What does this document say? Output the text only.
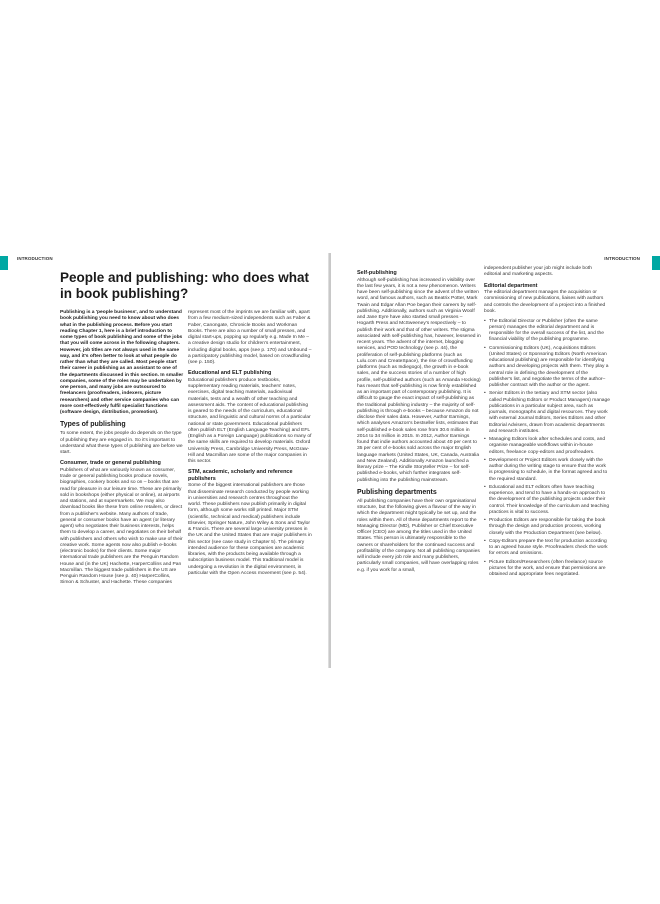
INTRODUCTION
People and publishing: who does what in book publishing?

Publishing is a 'people business', and to understand book publishing you need to know about who does what in the publishing process. Before you start reading Chapter 1, here is a brief introduction to some types of book publishing and some of the jobs that you will come across in the following chapters. However, job titles are not always used in the same way, and it's often better to look at what people do rather than what they are called. Most people start their career in publishing as an assistant to one of the departments discussed in this section. In smaller companies, some of the roles may be undertaken by one person, and many jobs are outsourced to freelancers (proofreaders, indexers, picture researchers) and other service companies who can more cost-effectively fulfil specialist functions (software design, distribution, promotion).

Types of publishing

To some extent, the jobs people do depends on the type of publishing they are engaged in. So it's important to understand what these types of publishing are before we start.

Consumer, trade or general publishing

Publishers of what are variously known as consumer, trade or general publishing books produce novels, biographies, cookery books and so on – books that are read for pleasure in our leisure time. These are primarily sold in bookshops (either physical or online), at airports and stations, and at supermarkets. We may also download books like these from online retailers, or direct from a publisher's website. Many authors of trade, general or consumer books have an agent (or literary agent) who negotiates their business interests, helps them to develop a career, and negotiates on their behalf with publishers and others who wish to make use of their creative work. Some agents now also publish e-books (electronic books) for their clients. Some major international trade publishers are the Penguin Random House and (in the UK) Hachette, HarperCollins and Pan Macmillan. The biggest trade publishers in the US are Penguin Random House (see p. 40) HarperCollins, Simon & Schuster, and Hachette. These companies

represent most of the imprints we are familiar with, apart from a few medium-sized independents such as Faber & Faber, Canongate, Chronicle Books and Workman Books. There are also a number of small presses, and digital start-ups, popping up regularly e.g. Made In Me – a creative design studio for children's entertainment, including digital books, apps (see p. 170) and Unbound – a participatory publishing model, based on crowdfunding (see p. 150).

Educational and ELT publishing

Educational publishers produce textbooks, supplementary reading materials, teachers' notes, exercises, digital teaching materials, audiovisual materials, tests and a wealth of other teaching and assessment aids. The content of educational publishing is geared to the needs of the curriculum, educational structure, and linguistic and cultural norms of a particular national or state government. Educational publishers often publish ELT (English Language Teaching) and EFL (English as a Foreign Language) publications so many of the same skills are required to develop materials. Oxford University Press, Cambridge University Press, McGraw-Hill and Macmillan are some of the major companies in this sector.

STM, academic, scholarly and reference publishers

Some of the biggest international publishers are those that disseminate research conducted by people working in universities and research centres throughout the world. These publishers now publish primarily in digital form, although some works still printed. Major STM (scientific, technical and medical) publishers include Elsevier, Springer Nature, John Wiley & Sons and Taylor & Francis. There are several large university presses in the UK and the United States that are major publishers in this sector (see case study in Chapter 5). The primary intended audience for these companies are academic libraries, with the products being available through a subscription business model. This traditional model is undergoing a revolution in the digital environment, in particular with the Open Access movement (see p. 54).

INTRODUCTION
Self-publishing

Although self-publishing has increased in visibility over the last few years, it is not a new phenomenon. Writers have been self-publishing since the advent of the written word, and famous authors, such as Beatrix Potter, Mark Twain and Edgar Allan Poe began their careers by self-publishing. Additionally, authors such as Virginia Woolf and Jane Eyre have also started small presses – Hogarth Press and McSweeney's respectively – to publish their work and that of other writers. The stigma associated with self-publishing has, however, lessened in recent years. The advent of the internet, blogging services, and POD technology (see p. 44), the proliferation of self-publishing platforms (such as Lulu.com and CreateSpace), the rise of crowdfunding platforms (such as Indiegogo), the growth in e-book sales, and the success stories of a number of high profile, self-published authors (such as Amanda Hocking) has meant that self-publishing is now firmly established as an important part of contemporary publishing. It is difficult to gauge the exact impact of self-publishing as the traditional publishing industry – the majority of self-publishing is through e-books – because Amazon do not disclose their sales data. However, Author Earnings, which analyses Amazon's bestseller lists, estimates that self-published e-book sales rose from 30.6 million in 2014 to 34 million in 2015. In 2012, Author Earnings found that indie authors accounted about 40 per cent to 35 per cent of e-books sold across the major English language markets (United States, UK, Canada, Australia and New Zealand). Additionally Amazon launched a literary prize – The Kindle Storyteller Prize – for self-published e-books, which further integrates self-publishing into the publishing mainstream.

Publishing departments

All publishing companies have their own organisational structure, but the following gives a flavour of the way in which the department might typically be set up, and the roles within them. All of these departments report to the Managing Director (MD), Publisher or Chief Executive Officer (CEO) are among the titles used in the United States. This person is ultimately responsible to the owners or shareholders for the continued success and profitability of the company. Not all publishing companies will include every job role and many publishers, particularly small companies, will have overlapping roles e.g. if you work for a small,

independent publisher your job might include both editorial and marketing aspects.

Editorial department

The editorial department manages the acquisition or commissioning of new publications, liaises with authors and controls the development of a project into a finished book.

• The Editorial Director or Publisher (often the same person) manages the editorial department and is responsible for the overall success of the list, and the financial viability of the publishing programme.
• Commissioning Editors (UK), Acquisitions Editors (United States) or Sponsoring Editors (North American educational publishing) are responsible for identifying authors and developing projects with them. They play a central role in defining the development of the publisher's list, and negotiate the terms of the author–publisher contract with the author or the agent.
• Senior Editors in the tertiary and STM sector (also called Publishing Editors or Product Managers) manage publications in a particular subject area, such as journals, monographs and digital resources. They work with external Journal Editors, Series Editors and other Editorial Advisers, drawn from academic departments and research institutes.
• Managing Editors look after schedules and costs, and organise manageable workflows within in-house editors, freelance copy-editors and proofreaders.
• Development or Project Editors work closely with the author during the writing stage to ensure that the work is progressing to schedule, in the format agreed and to the required standard.
• Educational and ELT editors often have teaching experience, and tend to have a hands-on approach to the development of the publishing projects under their control. Their knowledge of the curriculum and teaching practices is vital to success.
• Production Editors are responsible for taking the book through the design and production process, working closely with the Production Department (see below).
• Copy-Editors prepare the text for production according to an agreed house style. Proofreaders check the work for errors and omissions.
• Picture Editors/Researchers (often freelance) source pictures for the work, and ensure that permissions are obtained and appropriate fees negotiated.
